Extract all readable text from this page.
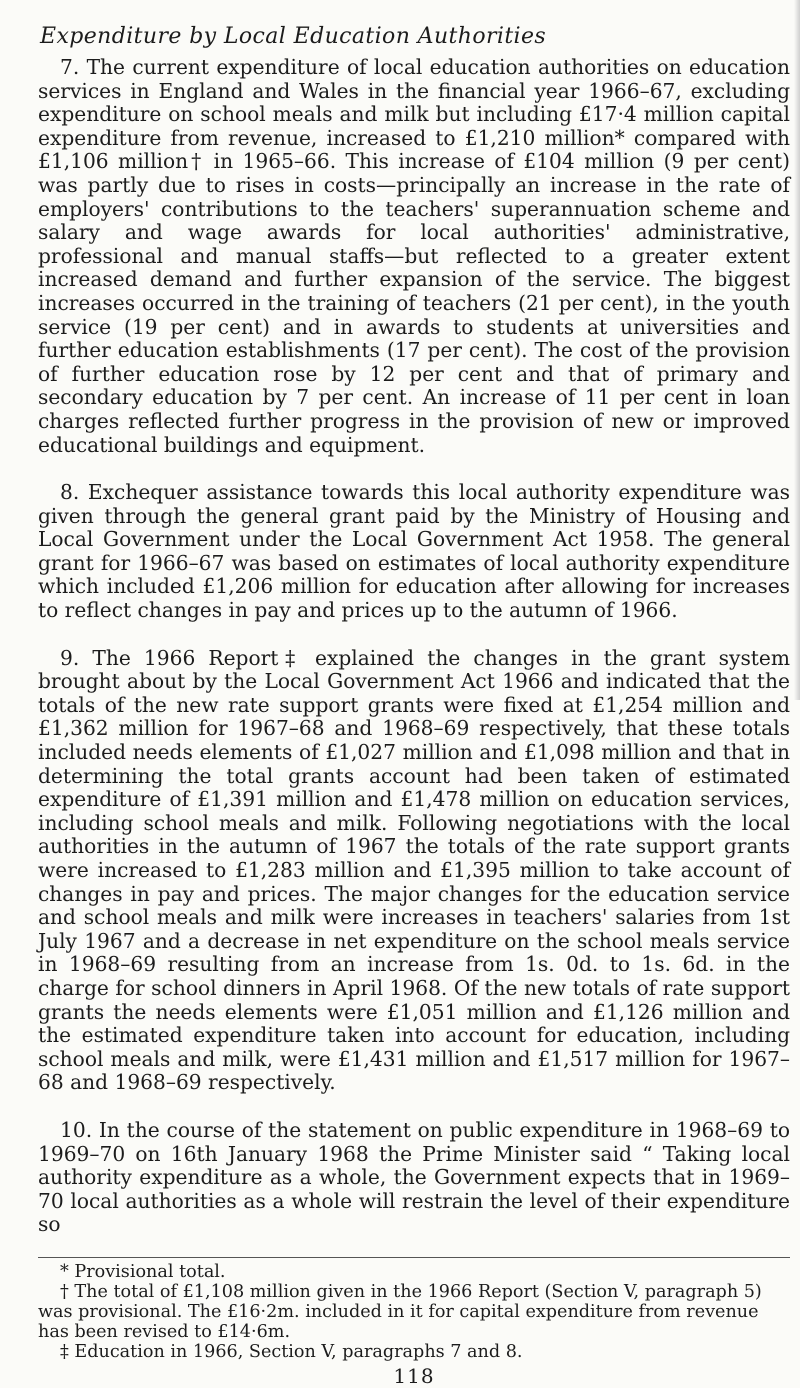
Expenditure by Local Education Authorities

7. The current expenditure of local education authorities on education services in England and Wales in the financial year 1966–67, excluding expenditure on school meals and milk but including £17·4 million capital expenditure from revenue, increased to £1,210 million* compared with £1,106 million† in 1965–66. This increase of £104 million (9 per cent) was partly due to rises in costs—principally an increase in the rate of employers' contributions to the teachers' superannuation scheme and salary and wage awards for local authorities' administrative, professional and manual staffs—but reflected to a greater extent increased demand and further expansion of the service. The biggest increases occurred in the training of teachers (21 per cent), in the youth service (19 per cent) and in awards to students at universities and further education establishments (17 per cent). The cost of the provision of further education rose by 12 per cent and that of primary and secondary education by 7 per cent. An increase of 11 per cent in loan charges reflected further progress in the provision of new or improved educational buildings and equipment.

8. Exchequer assistance towards this local authority expenditure was given through the general grant paid by the Ministry of Housing and Local Government under the Local Government Act 1958. The general grant for 1966–67 was based on estimates of local authority expenditure which included £1,206 million for education after allowing for increases to reflect changes in pay and prices up to the autumn of 1966.

9. The 1966 Report‡ explained the changes in the grant system brought about by the Local Government Act 1966 and indicated that the totals of the new rate support grants were fixed at £1,254 million and £1,362 million for 1967–68 and 1968–69 respectively, that these totals included needs elements of £1,027 million and £1,098 million and that in determining the total grants account had been taken of estimated expenditure of £1,391 million and £1,478 million on education services, including school meals and milk. Following negotiations with the local authorities in the autumn of 1967 the totals of the rate support grants were increased to £1,283 million and £1,395 million to take account of changes in pay and prices. The major changes for the education service and school meals and milk were increases in teachers' salaries from 1st July 1967 and a decrease in net expenditure on the school meals service in 1968–69 resulting from an increase from 1s. 0d. to 1s. 6d. in the charge for school dinners in April 1968. Of the new totals of rate support grants the needs elements were £1,051 million and £1,126 million and the estimated expenditure taken into account for education, including school meals and milk, were £1,431 million and £1,517 million for 1967–68 and 1968–69 respectively.

10. In the course of the statement on public expenditure in 1968–69 to 1969–70 on 16th January 1968 the Prime Minister said “ Taking local authority expenditure as a whole, the Government expects that in 1969–70 local authorities as a whole will restrain the level of their expenditure so

* Provisional total.

† The total of £1,108 million given in the 1966 Report (Section V, paragraph 5) was provisional. The £16·2m. included in it for capital expenditure from revenue has been revised to £14·6m.

‡ Education in 1966, Section V, paragraphs 7 and 8.

118
